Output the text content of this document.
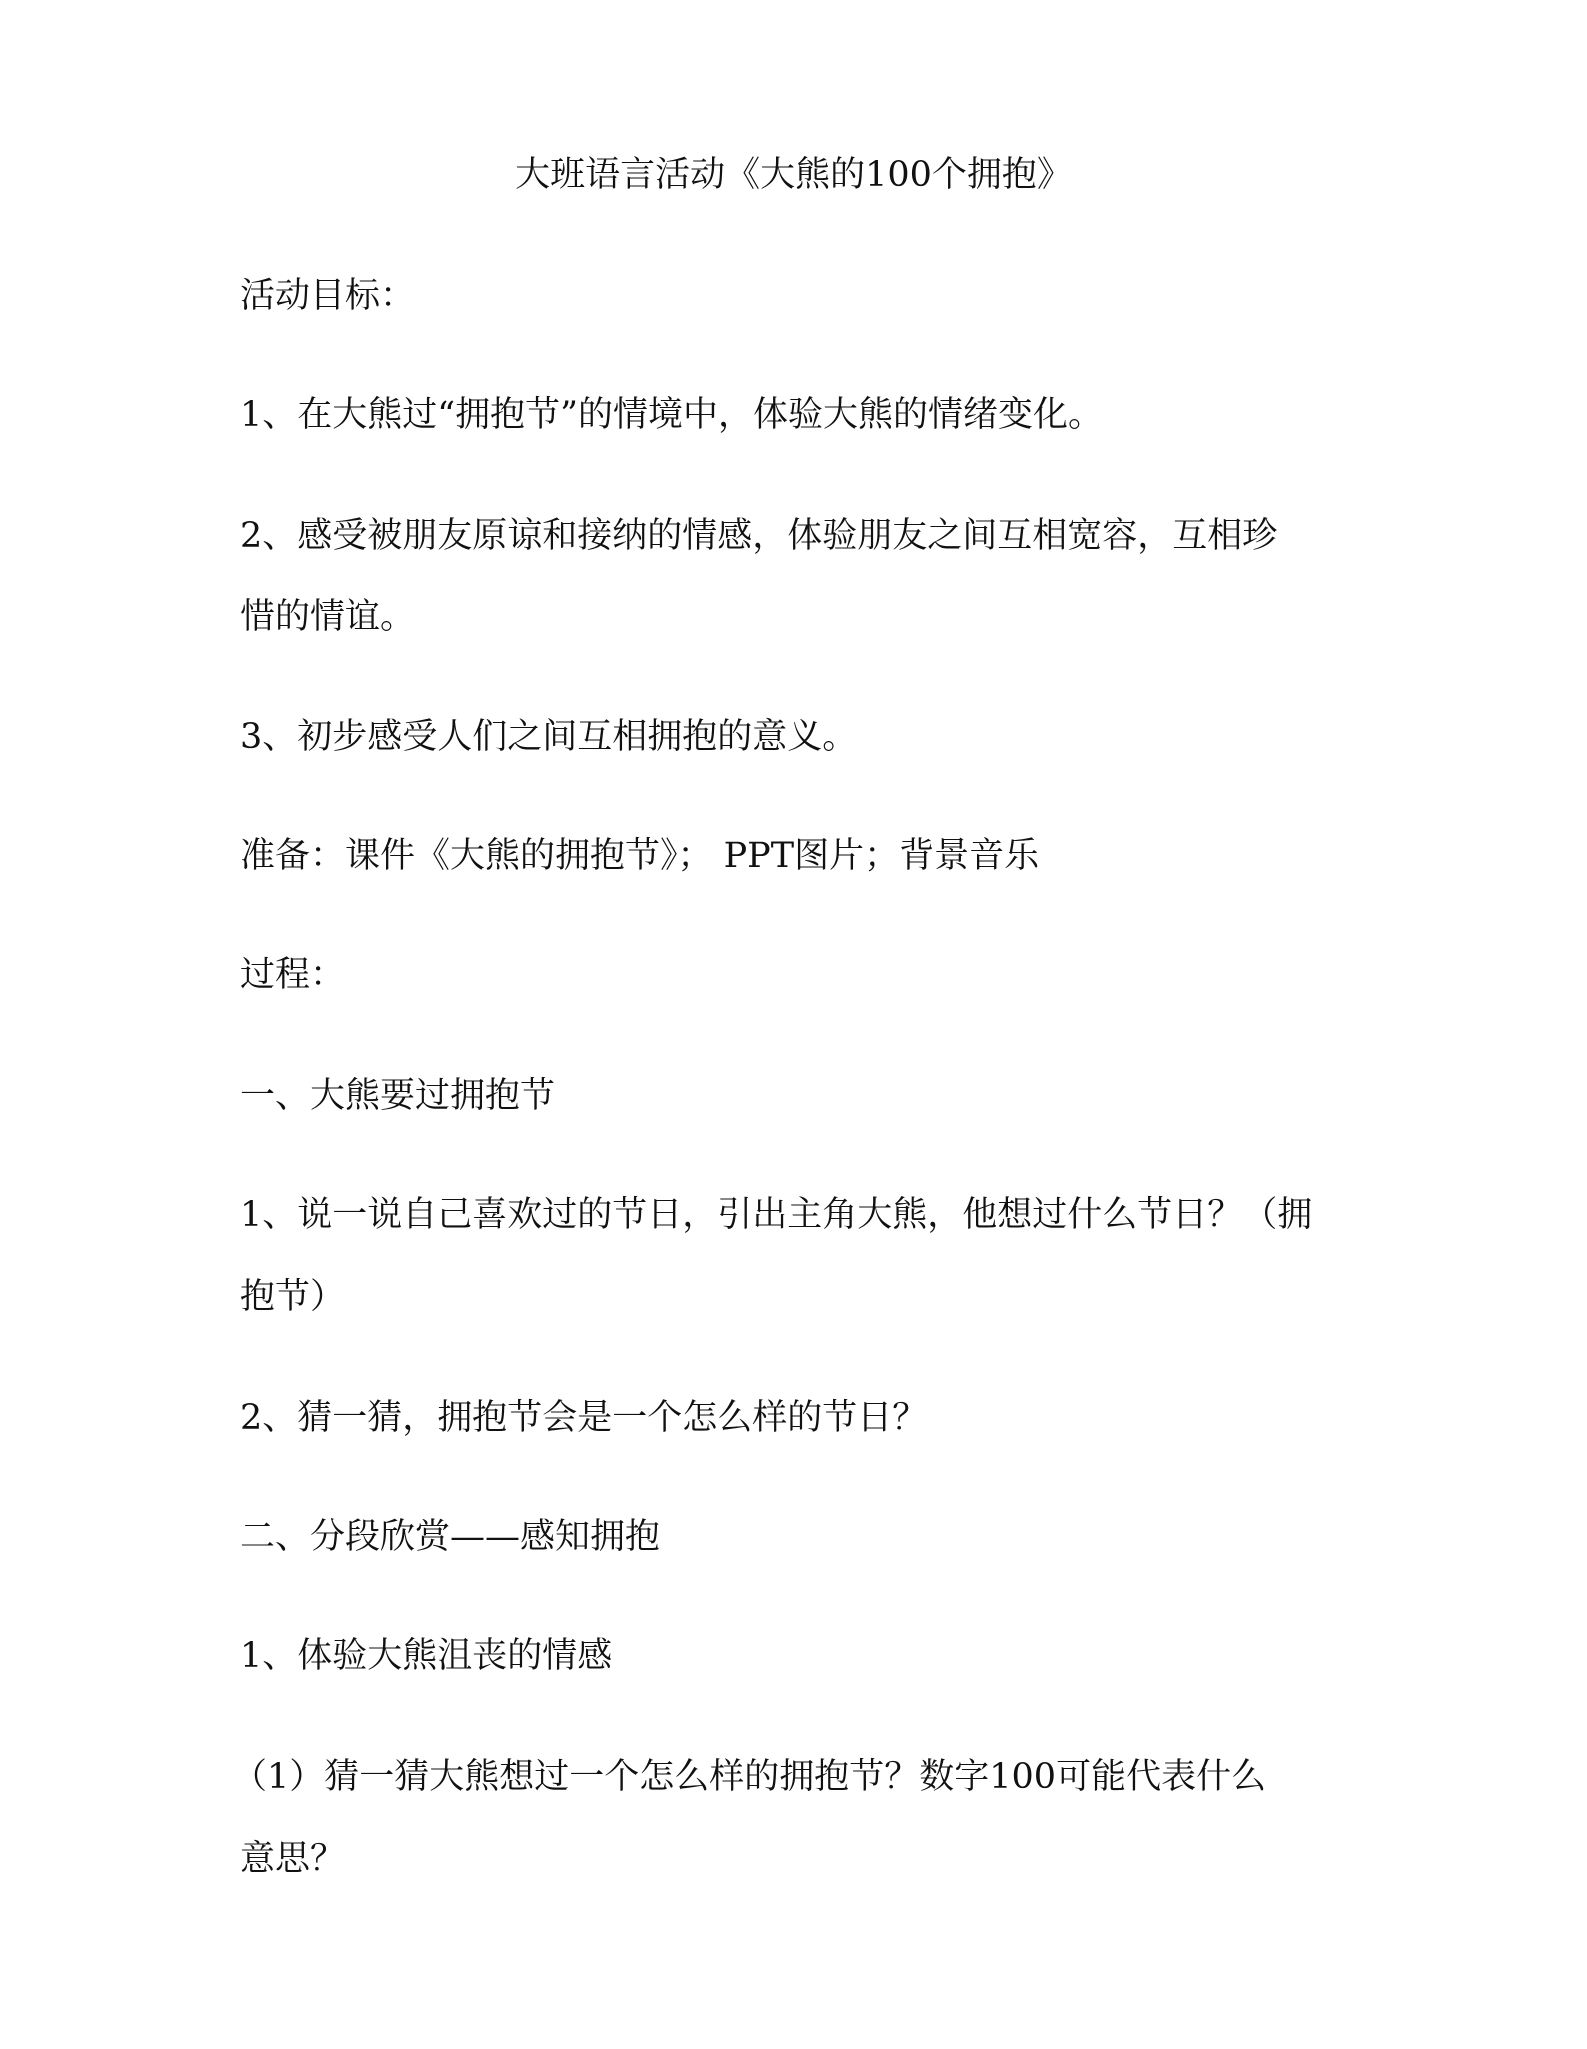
大班语言活动《大熊的100个拥抱》
活动目标：
1、在大熊过“拥抱节”的情境中，体验大熊的情绪变化。
2、感受被朋友原谅和接纳的情感，体验朋友之间互相宽容，互相珍
惜的情谊。
3、初步感受人们之间互相拥抱的意义。
准备：课件《大熊的拥抱节》； PPT图片；背景音乐
过程：
一、大熊要过拥抱节
1、说一说自己喜欢过的节日，引出主角大熊，他想过什么节日？（拥
抱节）
2、猜一猜，拥抱节会是一个怎么样的节日？
二、分段欣赏——感知拥抱
1、体验大熊沮丧的情感
（1）猜一猜大熊想过一个怎么样的拥抱节？数字100可能代表什么
意思？
